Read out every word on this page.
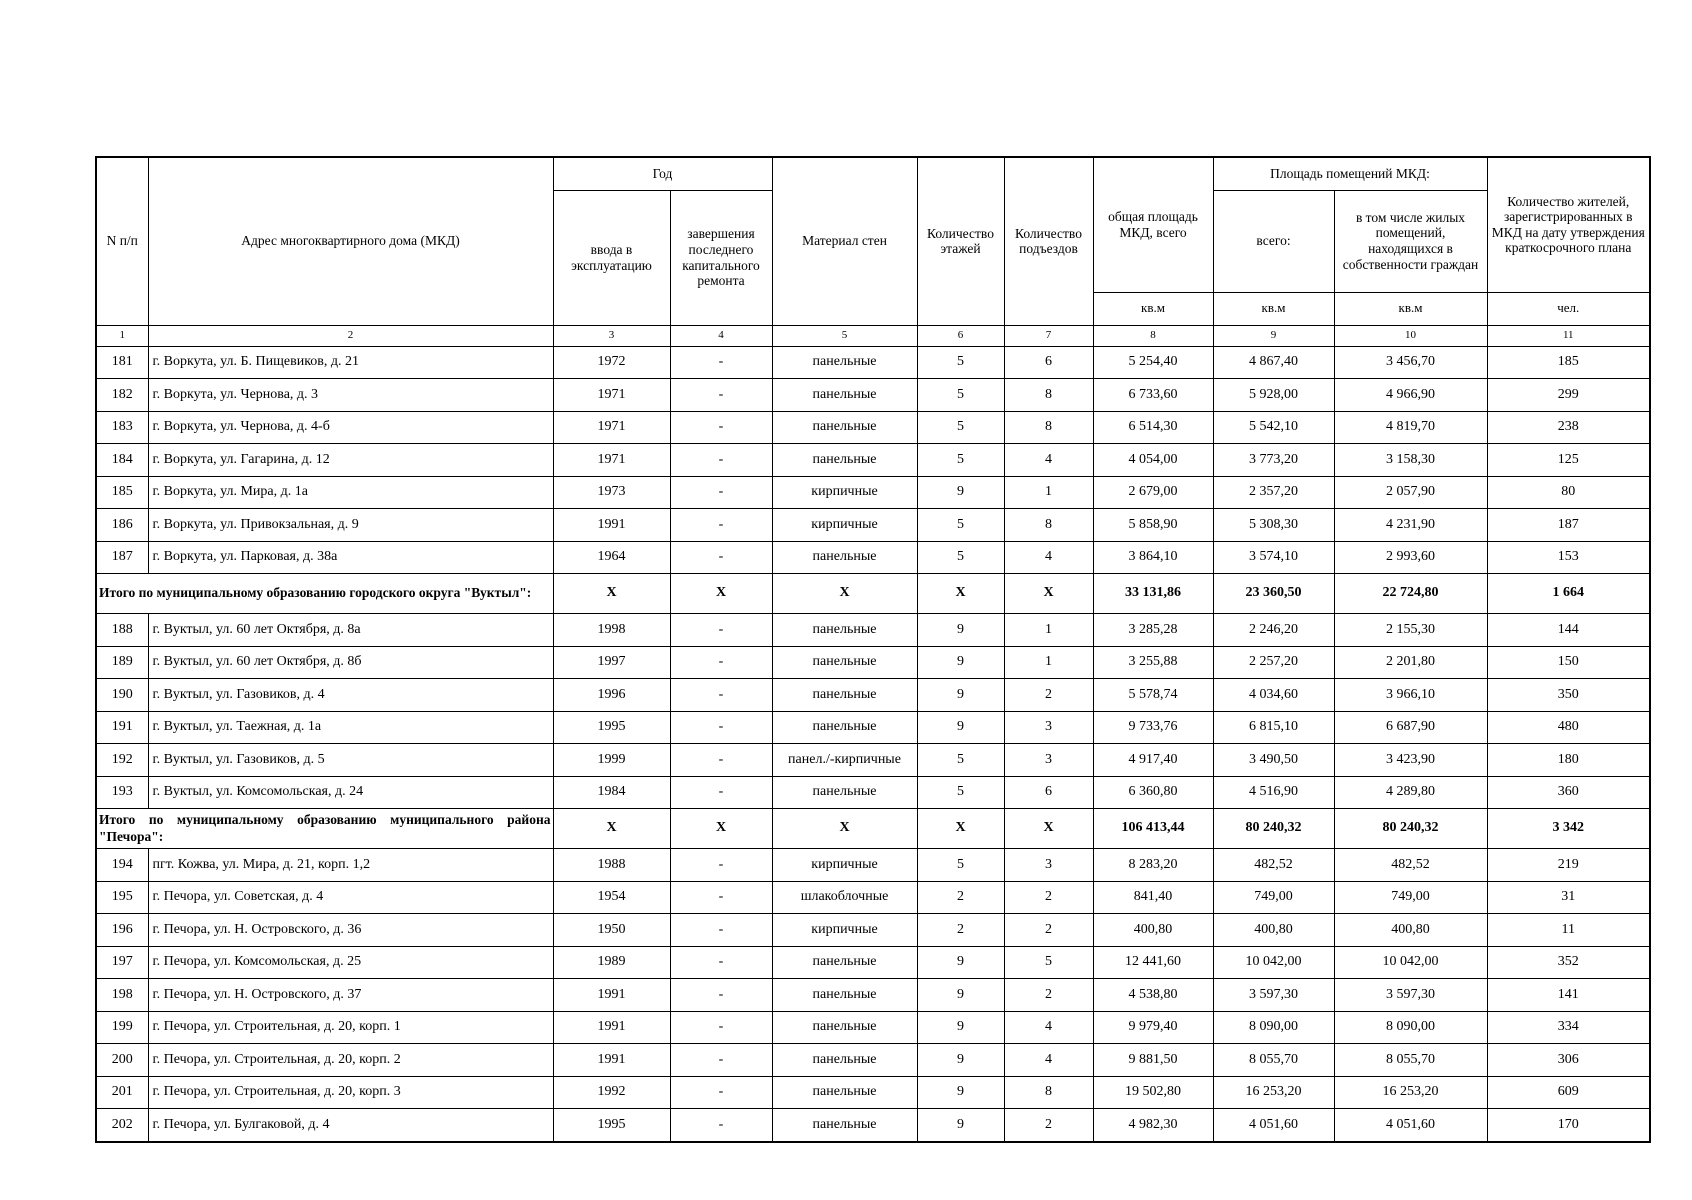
N п/п	Адрес многоквартирного дома (МКД)	Год		Материал стен	Количество этажей	Количество подъездов	общая площадь МКД, всего	Площадь помещений МКД:		Количество жителей, зарегистрированных в МКД на дату утверждения краткосрочного плана
		ввода в эксплуатацию	завершения последнего капитального ремонта					всего:	в том числе жилых помещений, находящихся в собственности граждан	
							кв.м	кв.м	кв.м	чел.
1	2	3	4	5	6	7	8	9	10	11
181	г. Воркута, ул. Б. Пищевиков, д. 21	1972	-	панельные	5	6	5 254,40	4 867,40	3 456,70	185
182	г. Воркута, ул. Чернова, д. 3	1971	-	панельные	5	8	6 733,60	5 928,00	4 966,90	299
183	г. Воркута, ул. Чернова, д. 4-б	1971	-	панельные	5	8	6 514,30	5 542,10	4 819,70	238
184	г. Воркута, ул. Гагарина, д. 12	1971	-	панельные	5	4	4 054,00	3 773,20	3 158,30	125
185	г. Воркута, ул. Мира, д. 1а	1973	-	кирпичные	9	1	2 679,00	2 357,20	2 057,90	80
186	г. Воркута, ул. Привокзальная, д. 9	1991	-	кирпичные	5	8	5 858,90	5 308,30	4 231,90	187
187	г. Воркута, ул. Парковая, д. 38а	1964	-	панельные	5	4	3 864,10	3 574,10	2 993,60	153
Итого по муниципальному образованию городского округа "Вуктыл":		X	X	X	X	X	33 131,86	23 360,50	22 724,80	1 664
188	г. Вуктыл, ул. 60 лет Октября, д. 8а	1998	-	панельные	9	1	3 285,28	2 246,20	2 155,30	144
189	г. Вуктыл, ул. 60 лет Октября, д. 8б	1997	-	панельные	9	1	3 255,88	2 257,20	2 201,80	150
190	г. Вуктыл, ул. Газовиков, д. 4	1996	-	панельные	9	2	5 578,74	4 034,60	3 966,10	350
191	г. Вуктыл, ул. Таежная, д. 1а	1995	-	панельные	9	3	9 733,76	6 815,10	6 687,90	480
192	г. Вуктыл, ул. Газовиков, д. 5	1999	-	панел./-кирпичные	5	3	4 917,40	3 490,50	3 423,90	180
193	г. Вуктыл, ул. Комсомольская, д. 24	1984	-	панельные	5	6	6 360,80	4 516,90	4 289,80	360
Итого по муниципальному образованию муниципального района "Печора":		X	X	X	X	X	106 413,44	80 240,32	80 240,32	3 342
194	пгт. Кожва, ул. Мира, д. 21, корп. 1,2	1988	-	кирпичные	5	3	8 283,20	482,52	482,52	219
195	г. Печора, ул. Советская, д. 4	1954	-	шлакоблочные	2	2	841,40	749,00	749,00	31
196	г. Печора, ул. Н. Островского, д. 36	1950	-	кирпичные	2	2	400,80	400,80	400,80	11
197	г. Печора, ул. Комсомольская, д. 25	1989	-	панельные	9	5	12 441,60	10 042,00	10 042,00	352
198	г. Печора, ул. Н. Островского, д. 37	1991	-	панельные	9	2	4 538,80	3 597,30	3 597,30	141
199	г. Печора, ул. Строительная, д. 20, корп. 1	1991	-	панельные	9	4	9 979,40	8 090,00	8 090,00	334
200	г. Печора, ул. Строительная, д. 20, корп. 2	1991	-	панельные	9	4	9 881,50	8 055,70	8 055,70	306
201	г. Печора, ул. Строительная, д. 20, корп. 3	1992	-	панельные	9	8	19 502,80	16 253,20	16 253,20	609
202	г. Печора, ул. Булгаковой, д. 4	1995	-	панельные	9	2	4 982,30	4 051,60	4 051,60	170
